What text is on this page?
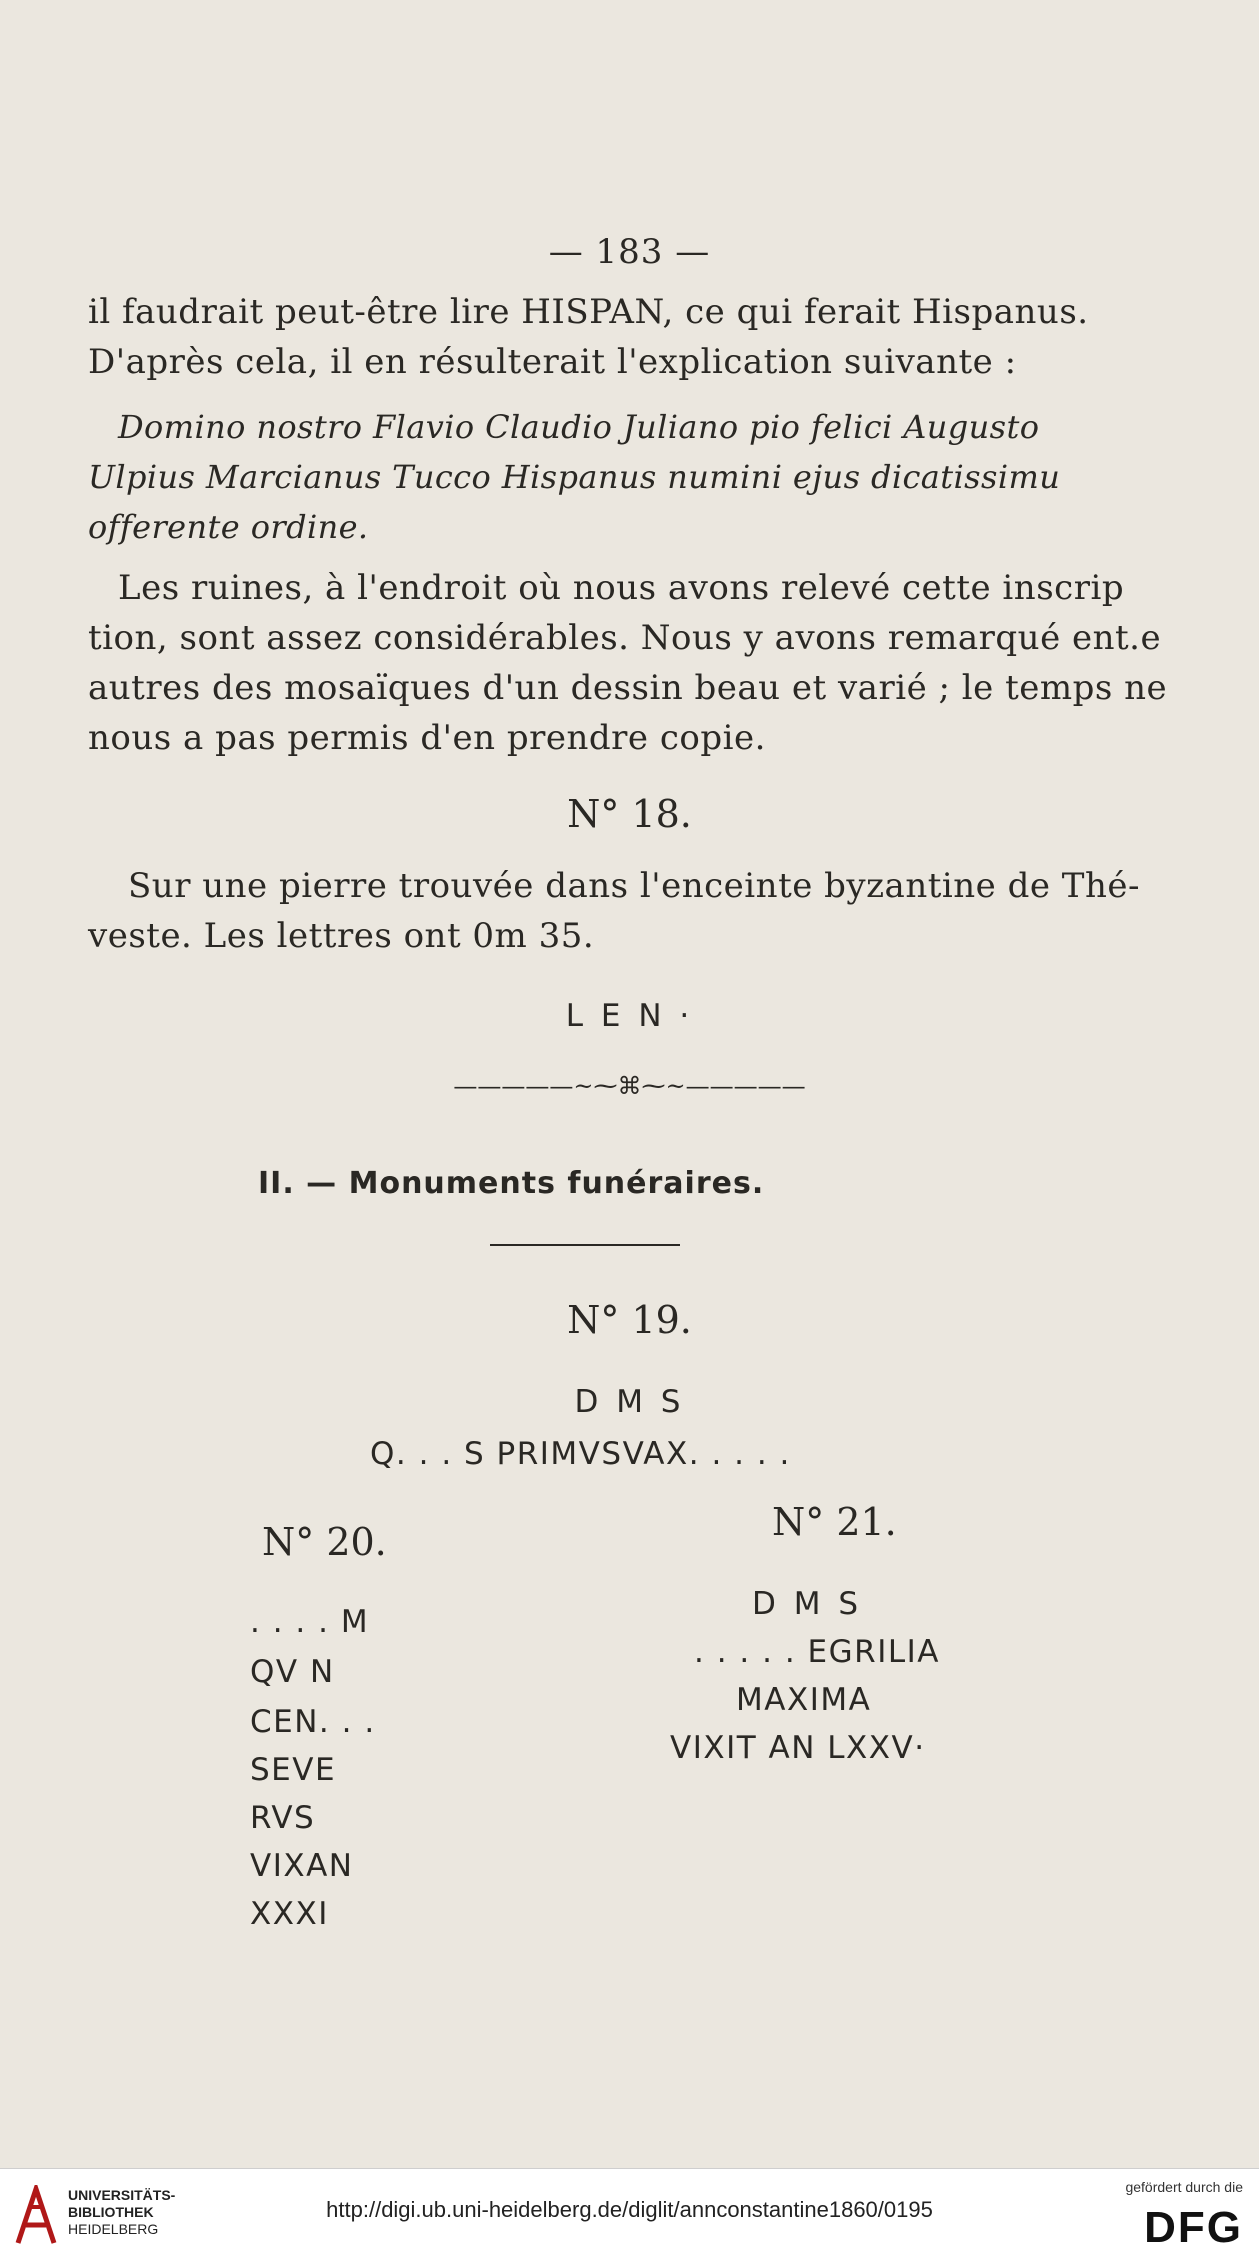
— 183 —
il faudrait peut-être lire HISPAN, ce qui ferait Hispanus.
D'après cela, il en résulterait l'explication suivante :
Domino nostro Flavio Claudio Juliano pio felici Augusto
Ulpius Marcianus Tucco Hispanus numini ejus dicatissimu
offerente ordine.
Les ruines, à l'endroit où nous avons relevé cette inscrip
tion, sont assez considérables. Nous y avons remarqué ent.e
autres des mosaïques d'un dessin beau et varié ; le temps ne
nous a pas permis d'en prendre copie.
N° 18.
Sur une pierre trouvée dans l'enceinte byzantine de Thé-
veste. Les lettres ont 0m 35.
L E N ·
—————~⁓⌘⁓~—————
II. — Monuments funéraires.
N° 19.
D M S
Q. . . S PRIMVSVAX. . . . .
N° 20.
. . . . M
QV N
CEN. . .
SEVE
RVS
VIXAN
XXXI
N° 21.
D M S
. . . . . EGRILIA
MAXIMA
VIXIT AN LXXV·
UNIVERSITÄTS-
BIBLIOTHEK
HEIDELBERG
http://digi.ub.uni-heidelberg.de/diglit/annconstantine1860/0195
gefördert durch die
DFG
